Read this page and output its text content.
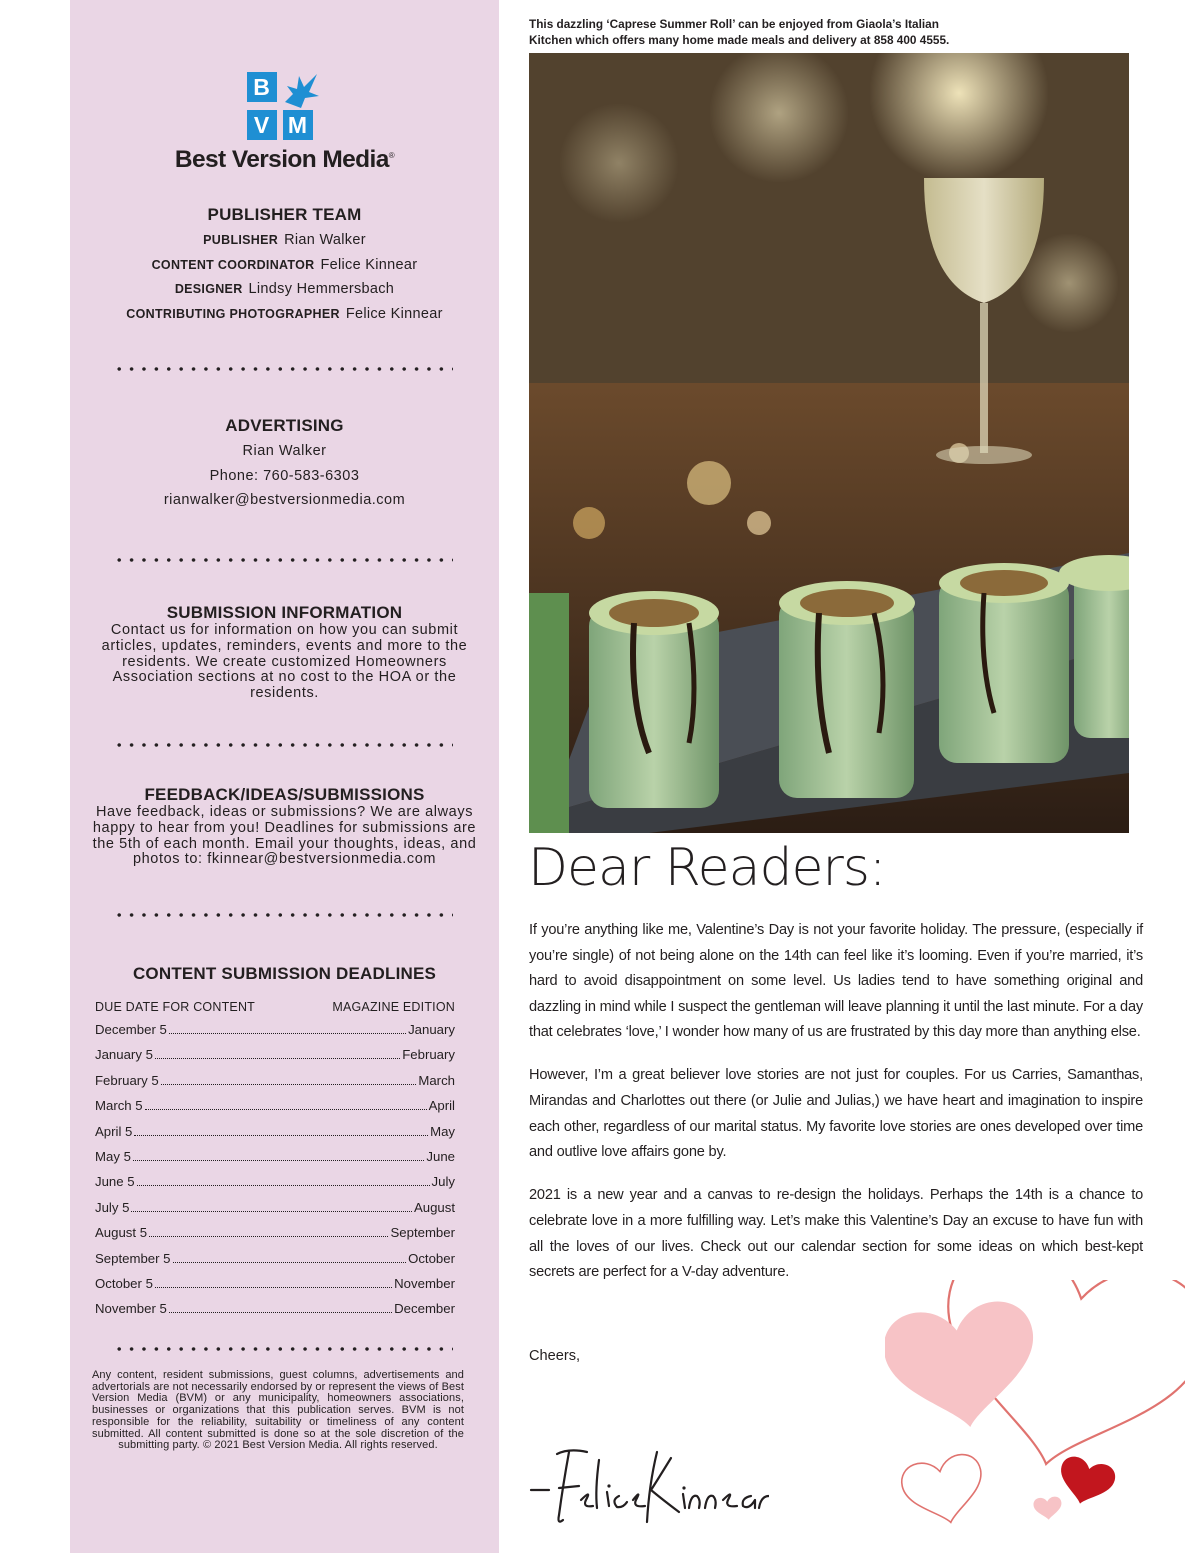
B
V M
Best Version Media®
PUBLISHER TEAM
PUBLISHER Rian Walker
CONTENT COORDINATOR Felice Kinnear
DESIGNER Lindsy Hemmersbach
CONTRIBUTING PHOTOGRAPHER Felice Kinnear
ADVERTISING
Rian Walker
Phone: 760-583-6303
rianwalker@bestversionmedia.com
SUBMISSION INFORMATION
Contact us for information on how you can submit articles, updates, reminders, events and more to the residents. We create customized Homeowners Association sections at no cost to the HOA or the residents.
FEEDBACK/IDEAS/SUBMISSIONS
Have feedback, ideas or submissions? We are always happy to hear from you! Deadlines for submissions are the 5th of each month. Email your thoughts, ideas, and photos to: fkinnear@bestversionmedia.com
CONTENT SUBMISSION DEADLINES
DUE DATE FOR CONTENT	MAGAZINE EDITION
December 5	January
January 5	February
February 5	March
March 5	April
April 5	May
May 5	June
June 5	July
July 5	August
August 5	September
September 5	October
October 5	November
November 5	December
Any content, resident submissions, guest columns, advertisements and advertorials are not necessarily endorsed by or represent the views of Best Version Media (BVM) or any municipality, homeowners associations, businesses or organizations that this publication serves. BVM is not responsible for the reliability, suitability or timeliness of any content submitted. All content submitted is done so at the sole discretion of the submitting party. © 2021 Best Version Media. All rights reserved.
This dazzling ‘Caprese Summer Roll’ can be enjoyed from Giaola’s Italian
Kitchen which offers many home made meals and delivery at 858 400 4555.
Dear Readers:

If you’re anything like me, Valentine’s Day is not your favorite holiday. The pressure, (especially if you’re single) of not being alone on the 14th can feel like it’s looming. Even if you’re married, it’s hard to avoid disappointment on some level. Us ladies tend to have something original and dazzling in mind while I suspect the gentleman will leave planning it until the last minute. For a day that celebrates ‘love,’ I wonder how many of us are frustrated by this day more than anything else.

However, I’m a great believer love stories are not just for couples. For us Carries, Samanthas, Mirandas and Charlottes out there (or Julie and Julias,) we have heart and imagination to inspire each other, regardless of our marital status. My favorite love stories are ones developed over time and outlive love affairs gone by.

2021 is a new year and a canvas to re-design the holidays. Perhaps the 14th is a chance to celebrate love in a more fulfilling way. Let’s make this Valentine’s Day an excuse to have fun with all the loves of our lives. Check out our calendar section for some ideas on which best-kept secrets are perfect for a V-day adventure.

Cheers,
